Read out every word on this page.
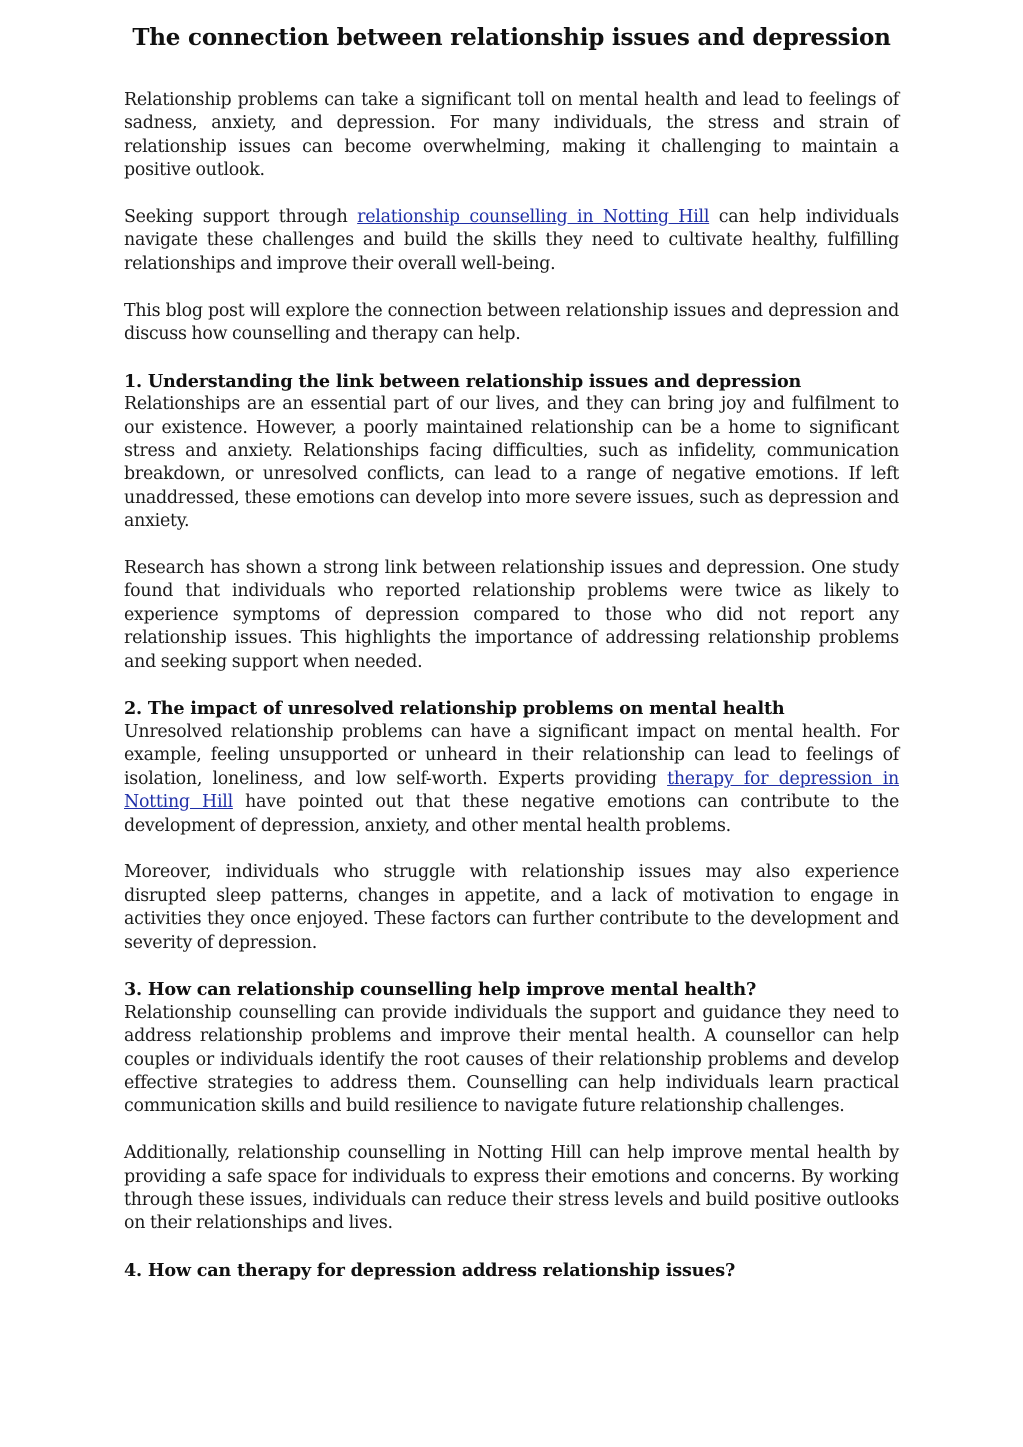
The connection between relationship issues and depression

Relationship problems can take a significant toll on mental health and lead to feelings of sadness, anxiety, and depression. For many individuals, the stress and strain of relationship issues can become overwhelming, making it challenging to maintain a positive outlook.

Seeking support through relationship counselling in Notting Hill can help individuals navigate these challenges and build the skills they need to cultivate healthy, fulfilling relationships and improve their overall well-being.

This blog post will explore the connection between relationship issues and depression and discuss how counselling and therapy can help.

1. Understanding the link between relationship issues and depression

Relationships are an essential part of our lives, and they can bring joy and fulfilment to our existence. However, a poorly maintained relationship can be a home to significant stress and anxiety. Relationships facing difficulties, such as infidelity, communication breakdown, or unresolved conflicts, can lead to a range of negative emotions. If left unaddressed, these emotions can develop into more severe issues, such as depression and anxiety.

Research has shown a strong link between relationship issues and depression. One study found that individuals who reported relationship problems were twice as likely to experience symptoms of depression compared to those who did not report any relationship issues. This highlights the importance of addressing relationship problems and seeking support when needed.

2. The impact of unresolved relationship problems on mental health

Unresolved relationship problems can have a significant impact on mental health. For example, feeling unsupported or unheard in their relationship can lead to feelings of isolation, loneliness, and low self-worth. Experts providing therapy for depression in Notting Hill have pointed out that these negative emotions can contribute to the development of depression, anxiety, and other mental health problems.

Moreover, individuals who struggle with relationship issues may also experience disrupted sleep patterns, changes in appetite, and a lack of motivation to engage in activities they once enjoyed. These factors can further contribute to the development and severity of depression.

3. How can relationship counselling help improve mental health?

Relationship counselling can provide individuals the support and guidance they need to address relationship problems and improve their mental health. A counsellor can help couples or individuals identify the root causes of their relationship problems and develop effective strategies to address them. Counselling can help individuals learn practical communication skills and build resilience to navigate future relationship challenges.

Additionally, relationship counselling in Notting Hill can help improve mental health by providing a safe space for individuals to express their emotions and concerns. By working through these issues, individuals can reduce their stress levels and build positive outlooks on their relationships and lives.

4. How can therapy for depression address relationship issues?
